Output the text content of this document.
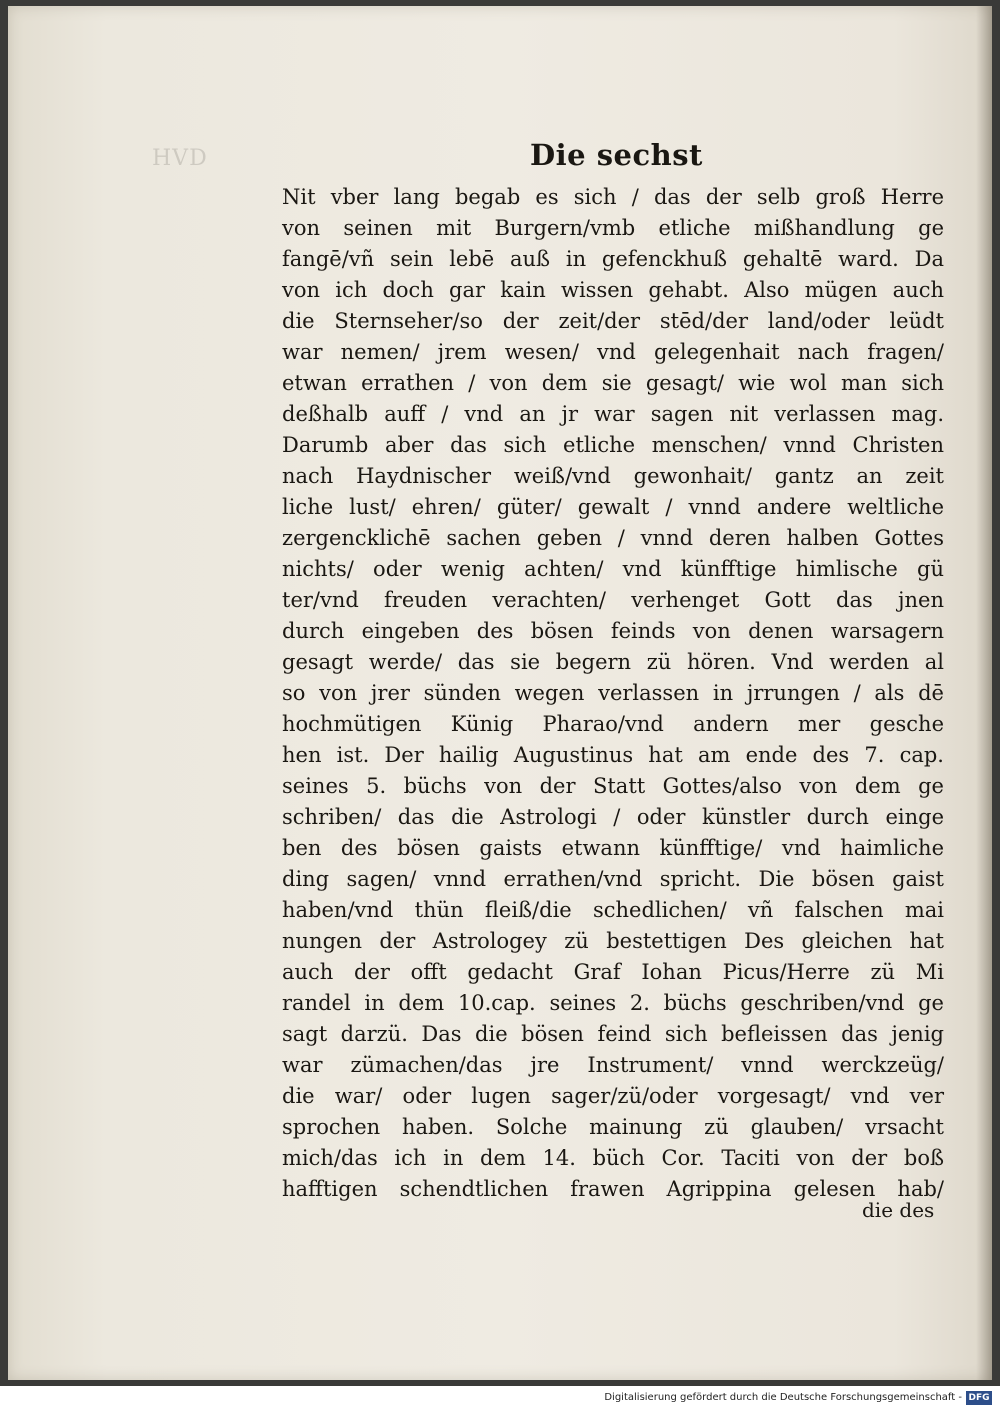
HVD	Die sechst
Nit vber lang begab es sich / das der selb groß Herre
von seinen mit Burgern/vmb etliche mißhandlung ge
fangē/vñ sein lebē auß in gefenckhuß gehaltē ward. Da
von ich doch gar kain wissen gehabt. Also mügen auch
die Sternseher/so der zeit/der stēd/der land/oder leüdt
war nemen/ jrem wesen/ vnd gelegenhait nach fragen/
etwan errathen / von dem sie gesagt/ wie wol man sich
deßhalb auff / vnd an jr war sagen nit verlassen mag.
Darumb aber das sich etliche menschen/ vnnd Christen
nach Haydnischer weiß/vnd gewonhait/ gantz an zeit
liche lust/ ehren/ güter/ gewalt / vnnd andere weltliche
zergencklichē sachen geben / vnnd deren halben Gottes
nichts/ oder wenig achten/ vnd künfftige himlische gü
ter/vnd freuden verachten/ verhenget Gott das jnen
durch eingeben des bösen feinds von denen warsagern
gesagt werde/ das sie begern zü hören. Vnd werden al
so von jrer sünden wegen verlassen in jrrungen / als dē
hochmütigen Künig Pharao/vnd andern mer gesche
hen ist. Der hailig Augustinus hat am ende des 7. cap.
seines 5. büchs von der Statt Gottes/also von dem ge
schriben/ das die Astrologi / oder künstler durch einge
ben des bösen gaists etwann künfftige/ vnd haimliche
ding sagen/ vnnd errathen/vnd spricht. Die bösen gaist
haben/vnd thün fleiß/die schedlichen/ vñ falschen mai
nungen der Astrologey zü bestettigen Des gleichen hat
auch der offt gedacht Graf Iohan Picus/Herre zü Mi
randel in dem 10.cap. seines 2. büchs geschriben/vnd ge
sagt darzü. Das die bösen feind sich befleissen das jenig
war zümachen/das jre Instrument/ vnnd werckzeüg/
die war/ oder lugen sager/zü/oder vorgesagt/ vnd ver
sprochen haben. Solche mainung zü glauben/ vrsacht
mich/das ich in dem 14. büch Cor. Taciti von der boß
hafftigen schendtlichen frawen Agrippina gelesen hab/
die des
Digitalisierung gefördert durch die Deutsche Forschungsgemeinschaft - DFG
